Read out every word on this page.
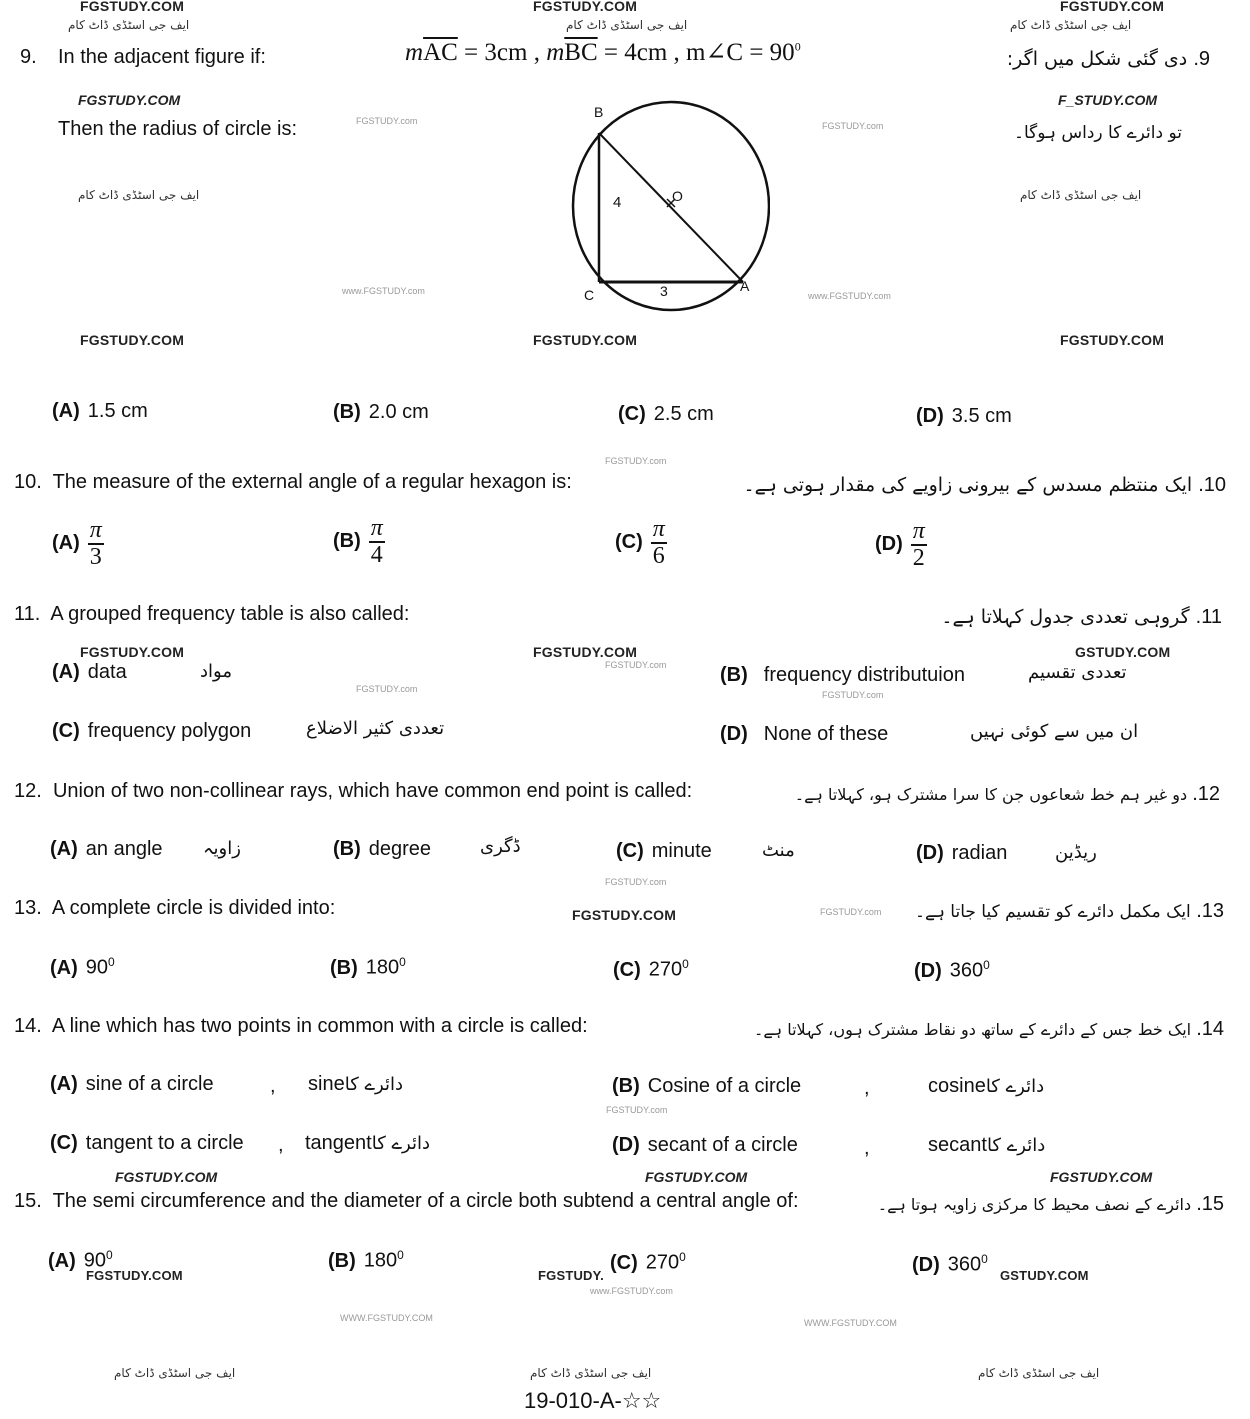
FGSTUDY.COM	FGSTUDY.COM	FGSTUDY.COM
ایف جی اسٹڈی ڈاٹ کام	ایف جی اسٹڈی ڈاٹ کام	ایف جی اسٹڈی ڈاٹ کام
9. In the adjacent figure if:	$m\overline{AC} = 3cm$ , $m\overline{BC} = 4cm$ , m∠C = $90^0$
9. دی گئی شکل میں اگر:
FGSTUDY.COM	F_STUDY.COM
Then the radius of circle is:	FGSTUDY.com	FGSTUDY.com	تو دائرے کا رداس ہوگا۔
ایف جی اسٹڈی ڈاٹ کام	ایف جی اسٹڈی ڈاٹ کام
www.FGSTUDY.com	www.FGSTUDY.com
B
C
A
O
4
3
FGSTUDY.COM	FGSTUDY.COM	FGSTUDY.COM
(A) 1.5 cm	(B) 2.0 cm	(C) 2.5 cm	(D) 3.5 cm
FGSTUDY.com
10. The measure of the external angle of a regular hexagon is:	10. ایک منتظم مسدس کے بیرونی زاویے کی مقدار ہوتی ہے۔
$(A) \frac{\pi}{3}$	$(B) \frac{\pi}{4}$	$(C) \frac{\pi}{6}$	$(D) \frac{\pi}{2}$
11. A grouped frequency table is also called:	11. گروہی تعددی جدول کہلاتا ہے۔
FGSTUDY.COM	FGSTUDY.COM	GSTUDY.COM
FGSTUDY.com
FGSTUDY.com
FGSTUDY.com
(A) data	مواد	(B) frequency distributuion	تعددی تقسیم
(C) frequency polygon	تعددی کثیر الاضلاع	(D) None of these	ان میں سے کوئی نہیں
12. Union of two non-collinear rays, which have common end point is called:	12. دو غیر ہم خط شعاعوں جن کا سرا مشترک ہو، کہلاتا ہے۔
(A) an angle زاویہ	(B) degree	ڈگری	(C) minute	منٹ	(D) radian	ریڈین
FGSTUDY.com
13. A complete circle is divided into:	FGSTUDY.COM	FGSTUDY.com	13. ایک مکمل دائرے کو تقسیم کیا جاتا ہے۔
(A) $90^0$	(B) $180^0$	(C) $270^0$	(D) $360^0$
14. A line which has two points in common with a circle is called:	14. ایک خط جس کے دائرے کے ساتھ دو نقاط مشترک ہوں، کہلاتا ہے۔
(A) sine of a circle	, sineدائرے کا	(B) Cosine of a circle	,	cosineدائرے کا
FGSTUDY.com
(C) tangent to a circle , tangentدائرے کا	(D) secant of a circle	,	secantدائرے کا
FGSTUDY.COM	FGSTUDY.COM	FGSTUDY.COM
15. The semi circumference and the diameter of a circle both subtend a central angle of:	15. دائرے کے نصف محیط کا مرکزی زاویہ ہوتا ہے۔
(A) $90^0$
FGSTUDY.COM
(B) $180^0$
FGSTUDY.
(C) $270^0$
www.FGSTUDY.com
(D) $360^0$
GSTUDY.COM
WWW.FGSTUDY.COM	WWW.FGSTUDY.COM
ایف جی اسٹڈی ڈاٹ کام	ایف جی اسٹڈی ڈاٹ کام	ایف جی اسٹڈی ڈاٹ کام
19-010-A-☆☆
